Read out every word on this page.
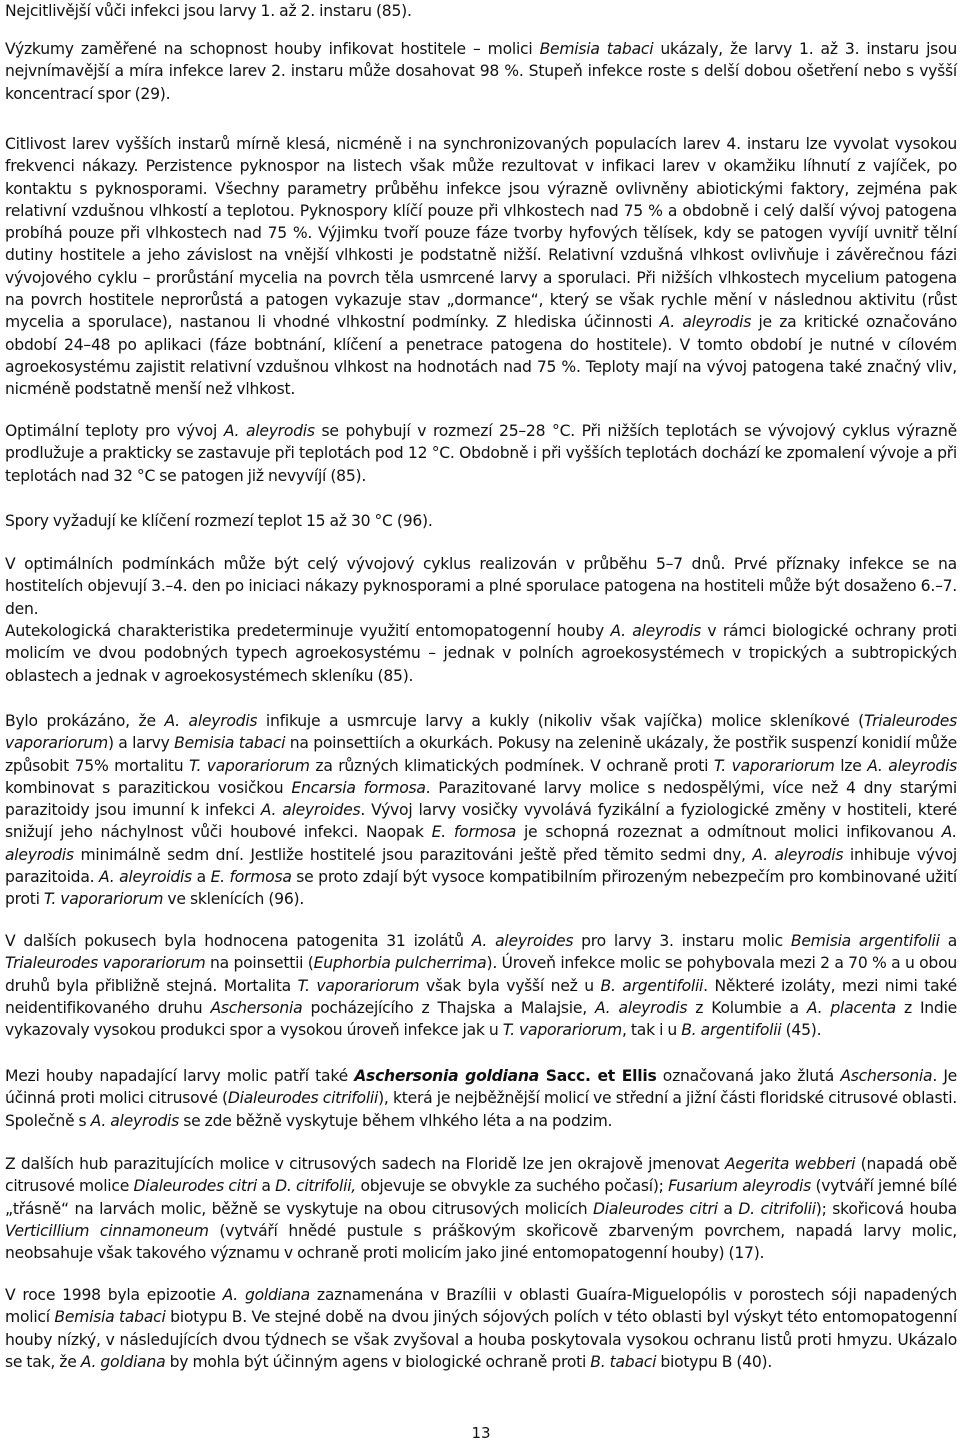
Nejcitlivější vůči infekci jsou larvy 1. až 2. instaru (85).

Výzkumy zaměřené na schopnost houby infikovat hostitele – molici Bemisia tabaci ukázaly, že larvy 1. až 3. instaru jsou nejvnímavější a míra infekce larev 2. instaru může dosahovat 98 %. Stupeň infekce roste s delší dobou ošetření nebo s vyšší koncentrací spor (29).

Citlivost larev vyšších instarů mírně klesá, nicméně i na synchronizovaných populacích larev 4. instaru lze vyvolat vysokou frekvenci nákazy. Perzistence pyknospor na listech však může rezultovat v infikaci larev v okamžiku líhnutí z vajíček, po kontaktu s pyknosporami. Všechny parametry průběhu infekce jsou výrazně ovlivněny abiotickými faktory, zejména pak relativní vzdušnou vlhkostí a teplotou. Pyknospory klíčí pouze při vlhkostech nad 75 % a obdobně i celý další vývoj patogena probíhá pouze při vlhkostech nad 75 %. Výjimku tvoří pouze fáze tvorby hyfových tělísek, kdy se patogen vyvíjí uvnitř tělní dutiny hostitele a jeho závislost na vnější vlhkosti je podstatně nižší. Relativní vzdušná vlhkost ovlivňuje i závěrečnou fázi vývojového cyklu – prorůstání mycelia na povrch těla usmrcené larvy a sporulaci. Při nižších vlhkostech mycelium patogena na povrch hostitele neprorůstá a patogen vykazuje stav „dormance“, který se však rychle mění v následnou aktivitu (růst mycelia a sporulace), nastanou li vhodné vlhkostní podmínky. Z hlediska účinnosti A. aleyrodis je za kritické označováno období 24–48 po aplikaci (fáze bobtnání, klíčení a penetrace patogena do hostitele). V tomto období je nutné v cílovém agroekosystému zajistit relativní vzdušnou vlhkost na hodnotách nad 75 %. Teploty mají na vývoj patogena také značný vliv, nicméně podstatně menší než vlhkost.

Optimální teploty pro vývoj A. aleyrodis se pohybují v rozmezí 25–28 °C. Při nižších teplotách se vývojový cyklus výrazně prodlužuje a prakticky se zastavuje při teplotách pod 12 °C. Obdobně i při vyšších teplotách dochází ke zpomalení vývoje a při teplotách nad 32 °C se patogen již nevyvíjí (85).

Spory vyžadují ke klíčení rozmezí teplot 15 až 30 °C (96).

V optimálních podmínkách může být celý vývojový cyklus realizován v průběhu 5–7 dnů. Prvé příznaky infekce se na hostitelích objevují 3.–4. den po iniciaci nákazy pyknosporami a plné sporulace patogena na hostiteli může být dosaženo 6.–7. den.

Autekologická charakteristika predeterminuje využití entomopatogenní houby A. aleyrodis v rámci biologické ochrany proti molicím ve dvou podobných typech agroekosystému – jednak v polních agroekosystémech v tropických a subtropických oblastech a jednak v agroekosystémech skleníku (85).

Bylo prokázáno, že A. aleyrodis infikuje a usmrcuje larvy a kukly (nikoliv však vajíčka) molice skleníkové (Trialeurodes vaporariorum) a larvy Bemisia tabaci na poinsettiích a okurkách. Pokusy na zelenině ukázaly, že postřik suspenzí konidií může způsobit 75% mortalitu T. vaporariorum za různých klimatických podmínek. V ochraně proti T. vaporariorum lze A. aleyrodis kombinovat s parazitickou vosičkou Encarsia formosa. Parazitované larvy molice s nedospělými, více než 4 dny starými parazitoidy jsou imunní k infekci A. aleyroides. Vývoj larvy vosičky vyvolává fyzikální a fyziologické změny v hostiteli, které snižují jeho náchylnost vůči houbové infekci. Naopak E. formosa je schopná rozeznat a odmítnout molici infikovanou A. aleyrodis minimálně sedm dní. Jestliže hostitelé jsou parazitováni ještě před těmito sedmi dny, A. aleyrodis inhibuje vývoj parazitoida. A. aleyroidis a E. formosa se proto zdají být vysoce kompatibilním přirozeným nebezpečím pro kombinované užití proti T. vaporariorum ve sklenících (96).

V dalších pokusech byla hodnocena patogenita 31 izolátů A. aleyroides pro larvy 3. instaru molic Bemisia argentifolii a Trialeurodes vaporariorum na poinsettii (Euphorbia pulcherrima). Úroveň infekce molic se pohybovala mezi 2 a 70 % a u obou druhů byla přibližně stejná. Mortalita T. vaporariorum však byla vyšší než u B. argentifolii. Některé izoláty, mezi nimi také neidentifikovaného druhu Aschersonia pocházejícího z Thajska a Malajsie, A. aleyrodis z Kolumbie a A. placenta z Indie vykazovaly vysokou produkci spor a vysokou úroveň infekce jak u T. vaporariorum, tak i u B. argentifolii (45).

Mezi houby napadající larvy molic patří také Aschersonia goldiana Sacc. et Ellis označovaná jako žlutá Aschersonia. Je účinná proti molici citrusové (Dialeurodes citrifolii), která je nejběžnější molicí ve střední a jižní části floridské citrusové oblasti. Společně s A. aleyrodis se zde běžně vyskytuje během vlhkého léta a na podzim.

Z dalších hub parazitujících molice v citrusových sadech na Floridě lze jen okrajově jmenovat Aegerita webberi (napadá obě citrusové molice Dialeurodes citri a D. citrifolii, objevuje se obvykle za suchého počasí); Fusarium aleyrodis (vytváří jemné bílé „třásně“ na larvách molic, běžně se vyskytuje na obou citrusových molicích Dialeurodes citri a D. citrifolii); skořicová houba Verticillium cinnamoneum (vytváří hnědé pustule s práškovým skořicově zbarveným povrchem, napadá larvy molic, neobsahuje však takového významu v ochraně proti molicím jako jiné entomopatogenní houby) (17).

V roce 1998 byla epizootie A. goldiana zaznamenána v Brazílii v oblasti Guaíra-Miguelopólis v porostech sóji napadených molicí Bemisia tabaci biotypu B. Ve stejné době na dvou jiných sójových polích v této oblasti byl výskyt této entomopatogenní houby nízký, v následujících dvou týdnech se však zvyšoval a houba poskytovala vysokou ochranu listů proti hmyzu. Ukázalo se tak, že A. goldiana by mohla být účinným agens v biologické ochraně proti B. tabaci biotypu B (40).

13
